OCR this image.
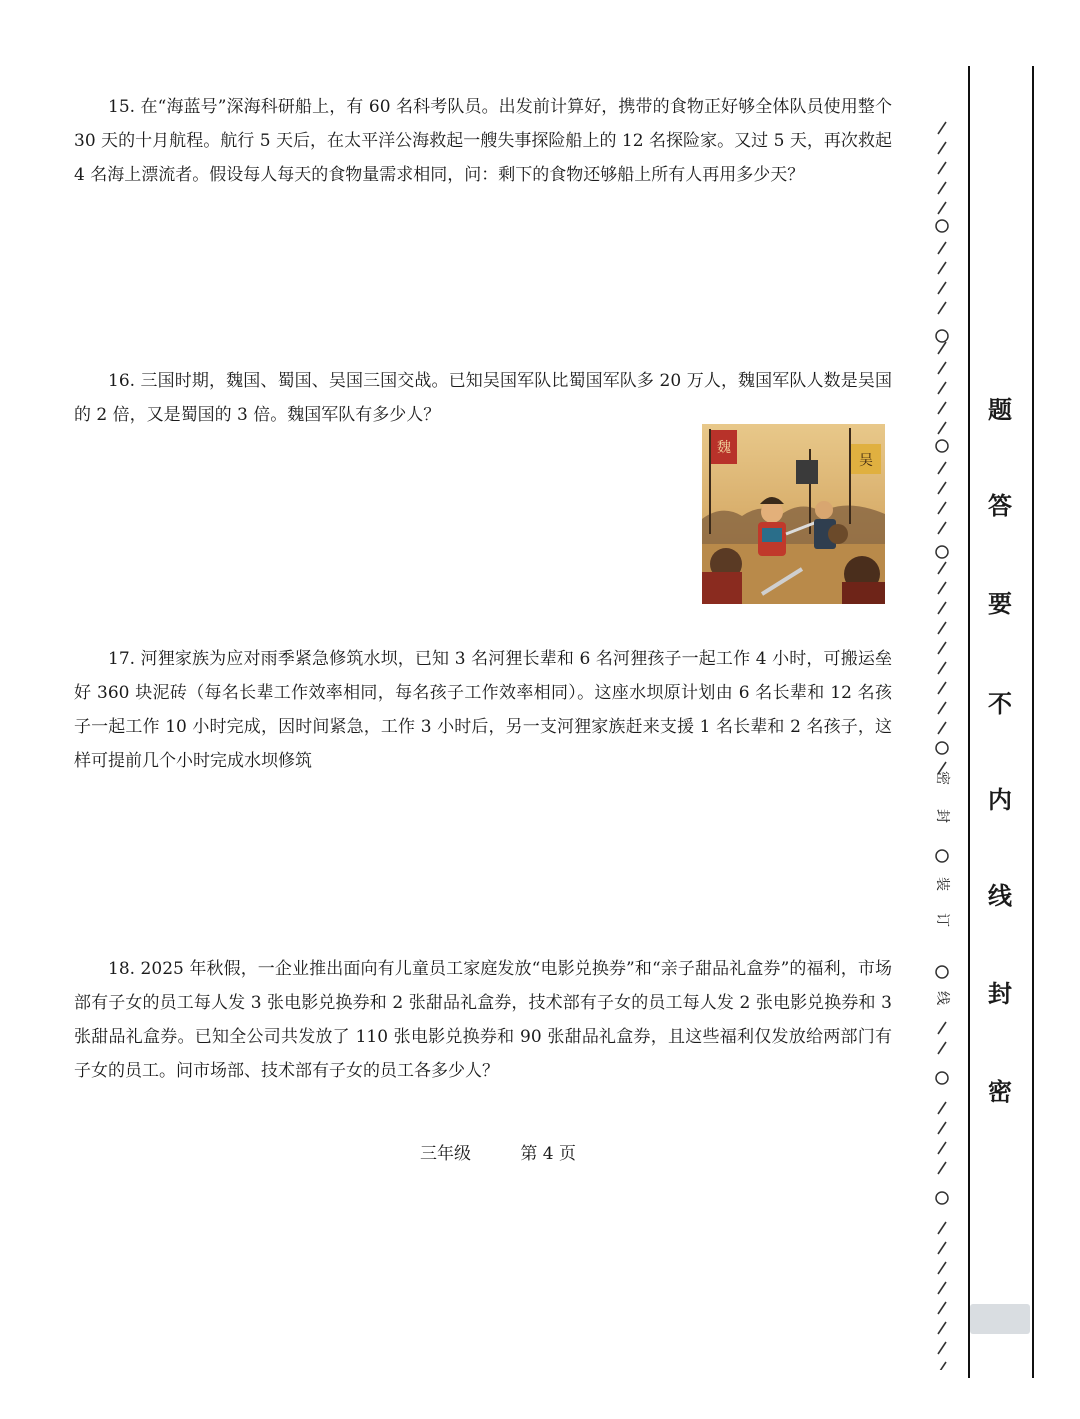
15. 在“海蓝号”深海科研船上，有 60 名科考队员。出发前计算好，携带的食物正好够全体队员使用整个 30 天的十月航程。航行 5 天后，在太平洋公海救起一艘失事探险船上的 12 名探险家。又过 5 天，再次救起 4 名海上漂流者。假设每人每天的食物量需求相同，问：剩下的食物还够船上所有人再用多少天？

16. 三国时期，魏国、蜀国、吴国三国交战。已知吴国军队比蜀国军队多 20 万人，魏国军队人数是吴国的 2 倍，又是蜀国的 3 倍。魏国军队有多少人？

魏
吴

17. 河狸家族为应对雨季紧急修筑水坝，已知 3 名河狸长辈和 6 名河狸孩子一起工作 4 小时，可搬运垒好 360 块泥砖（每名长辈工作效率相同，每名孩子工作效率相同）。这座水坝原计划由 6 名长辈和 12 名孩子一起工作 10 小时完成，因时间紧急，工作 3 小时后，另一支河狸家族赶来支援 1 名长辈和 2 名孩子，这样可提前几个小时完成水坝修筑

18. 2025 年秋假，一企业推出面向有儿童员工家庭发放“电影兑换券”和“亲子甜品礼盒券”的福利，市场部有子女的员工每人发 3 张电影兑换券和 2 张甜品礼盒券，技术部有子女的员工每人发 2 张电影兑换券和 3 张甜品礼盒券。已知全公司共发放了 110 张电影兑换券和 90 张甜品礼盒券，且这些福利仅发放给两部门有子女的员工。问市场部、技术部有子女的员工各多少人？

三年级	第 4 页
密
封
装
订
线
题
答
要
不
内
线
封
密
